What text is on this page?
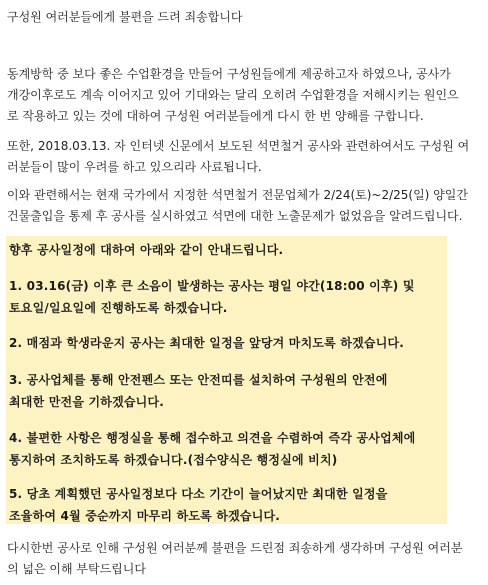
구성원 여러분들에게 불편을 드려 죄송합니다

동계방학 중 보다 좋은 수업환경을 만들어 구성원들에게 제공하고자 하였으나, 공사가
개강이후로도 계속 이어지고 있어 기대와는 달리 오히려 수업환경을 저해시키는 원인으
로 작용하고 있는 것에 대하여 구성원 여러분들에게 다시 한 번 양해를 구합니다.

또한, 2018.03.13. 자 인터넷 신문에서 보도된 석면철거 공사와 관련하여서도 구성원 여
러분들이 많이 우려를 하고 있으리라 사료됩니다.

이와 관련해서는 현재 국가에서 지정한 석면철거 전문업체가 2/24(토)~2/25(일) 양일간
건물출입을 통제 후 공사를 실시하였고 석면에 대한 노출문제가 없었음을 알려드립니다.

향후 공사일정에 대하여 아래와 같이 안내드립니다.
1. 03.16(금) 이후 큰 소음이 발생하는 공사는 평일 야간(18:00 이후) 및
토요일/일요일에 진행하도록 하겠습니다.
2. 매점과 학생라운지 공사는 최대한 일정을 앞당겨 마치도록 하겠습니다.
3. 공사업체를 통해 안전펜스 또는 안전띠를 설치하여 구성원의 안전에
최대한 만전을 기하겠습니다.
4. 불편한 사항은 행정실을 통해 접수하고 의견을 수렴하여 즉각 공사업체에
통지하여 조치하도록 하겠습니다.(접수양식은 행정실에 비치)
5. 당초 계획했던 공사일정보다 다소 기간이 늘어났지만 최대한 일정을
조율하여 4월 중순까지 마무리 하도록 하겠습니다.
다시한번 공사로 인해 구성원 여러분께 불편을 드린점 죄송하게 생각하며 구성원 여러분
의 넓은 이해 부탁드립니다
